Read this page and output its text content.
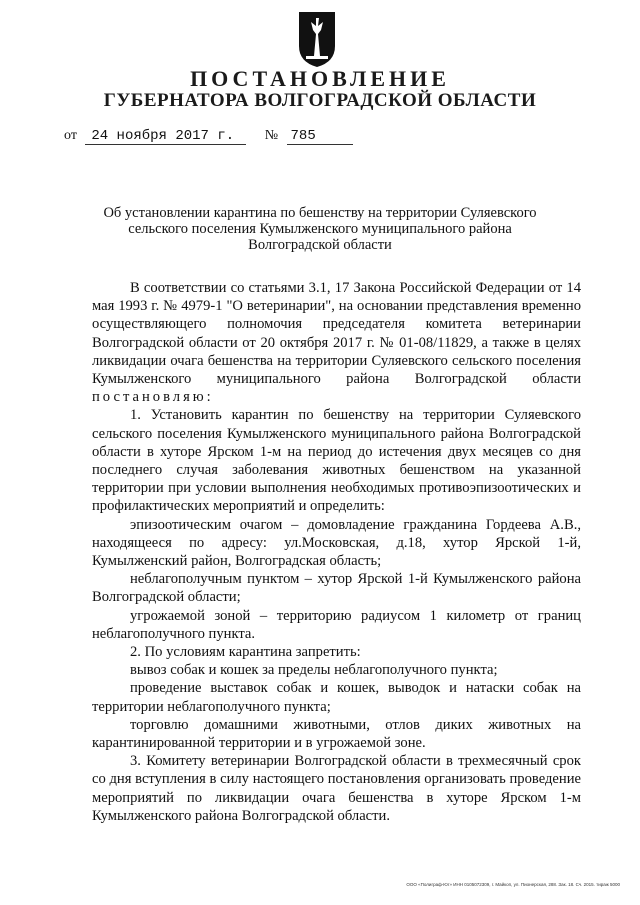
ПОСТАНОВЛЕНИЕ
ГУБЕРНАТОРА ВОЛГОГРАДСКОЙ ОБЛАСТИ
от 24 ноября 2017 г. № 785
Об установлении карантина по бешенству на территории Суляевского сельского поселения Кумылженского муниципального района Волгоградской области

В соответствии со статьями 3.1, 17 Закона Российской Федерации от 14 мая 1993 г. № 4979-1 "О ветеринарии", на основании представления временно осуществляющего полномочия председателя комитета ветеринарии Волгоградской области от 20 октября 2017 г. № 01-08/11829, а также в целях ликвидации очага бешенства на территории Суляевского сельского поселения Кумылженского муниципального района Волгоградской области постановляю:

1. Установить карантин по бешенству на территории Суляевского сельского поселения Кумылженского муниципального района Волгоградской области в хуторе Ярском 1-м на период до истечения двух месяцев со дня последнего случая заболевания животных бешенством на указанной территории при условии выполнения необходимых противоэпизоотических и профилактических мероприятий и определить:

эпизоотическим очагом – домовладение гражданина Гордеева А.В., находящееся по адресу: ул.Московская, д.18, хутор Ярской 1-й, Кумылженский район, Волгоградская область;

неблагополучным пунктом – хутор Ярской 1-й Кумылженского района Волгоградской области;

угрожаемой зоной – территорию радиусом 1 километр от границ неблагополучного пункта.

2. По условиям карантина запретить:

вывоз собак и кошек за пределы неблагополучного пункта;

проведение выставок собак и кошек, выводок и натаски собак на территории неблагополучного пункта;

торговлю домашними животными, отлов диких животных на карантинированной территории и в угрожаемой зоне.

3. Комитету ветеринарии Волгоградской области в трехмесячный срок со дня вступления в силу настоящего постановления организовать проведение мероприятий по ликвидации очага бешенства в хуторе Ярском 1-м Кумылженского района Волгоградской области.

ООО «Полиграф-Юг» ИНН 0105072309, г. Майкоп, ул. Пионерская, 288. Зак. 18. Сч. 2015. тираж 5000
